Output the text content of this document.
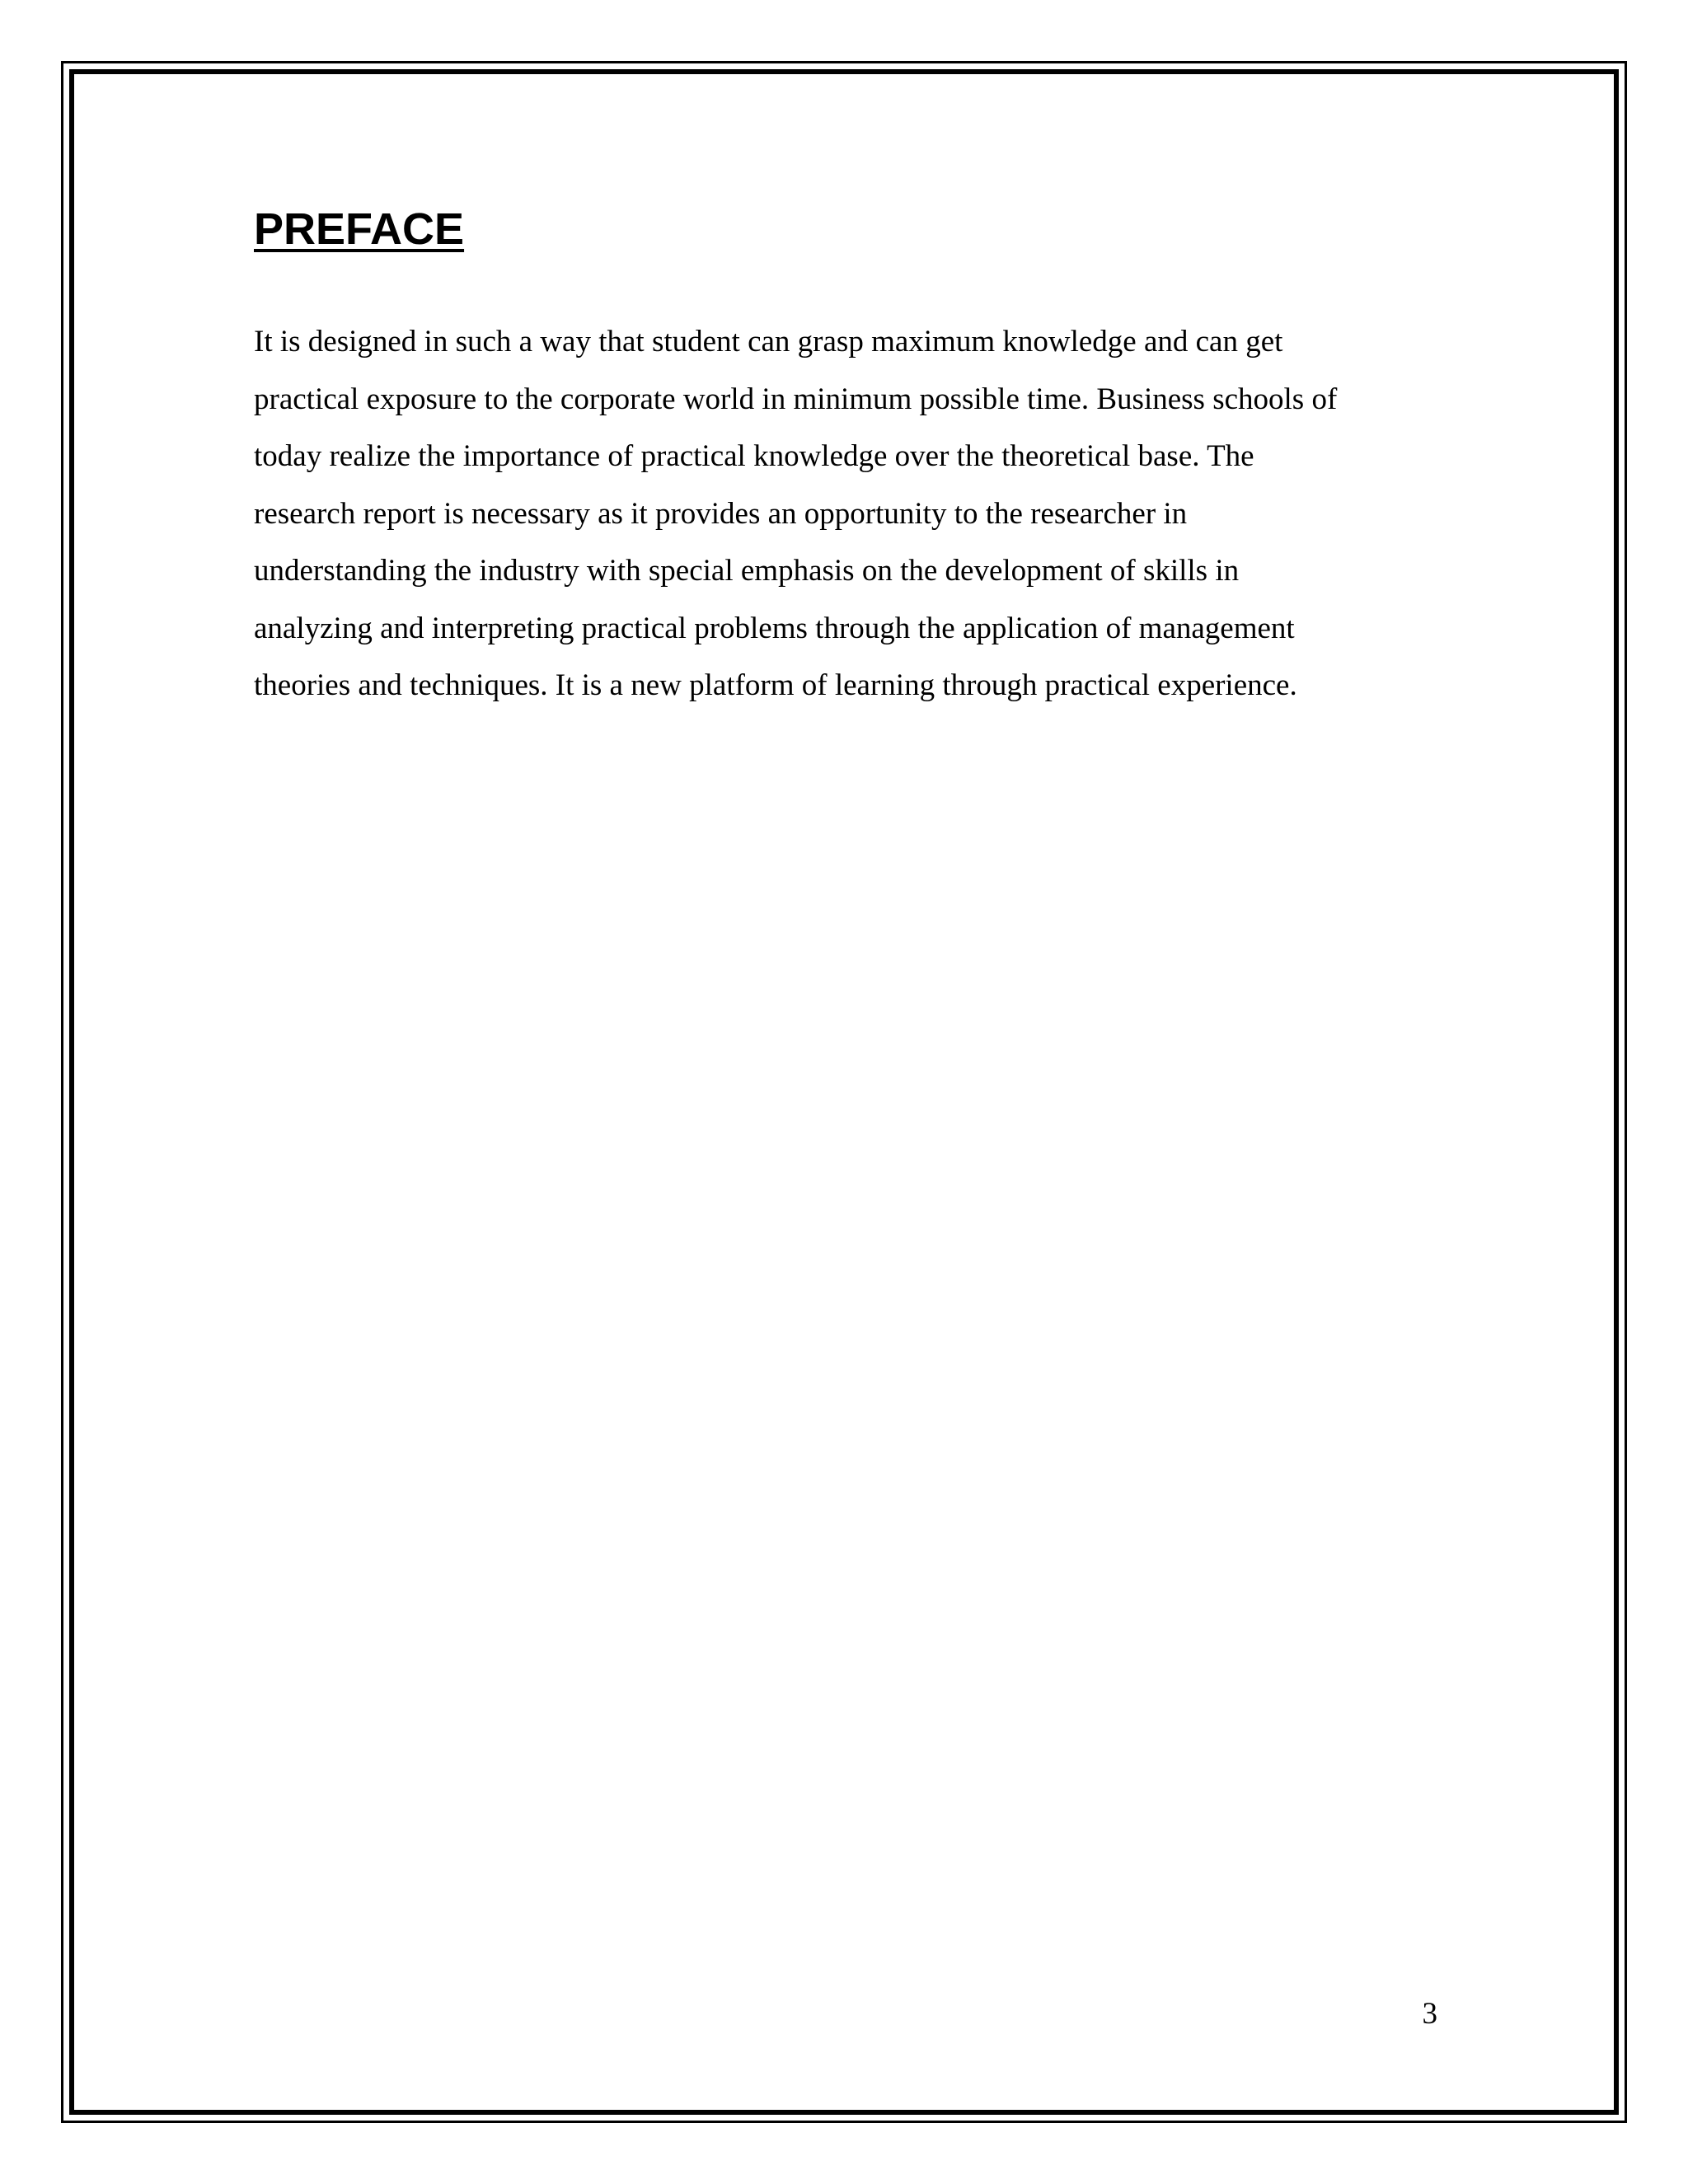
PREFACE

It is designed in such a way that student can grasp maximum knowledge and can get
practical exposure to the corporate world in minimum possible time. Business schools of
today realize the importance of practical knowledge over the theoretical base. The
research report is necessary as it provides an opportunity to the researcher in
understanding the industry with special emphasis on the development of skills in
analyzing and interpreting practical problems through the application of management
theories and techniques. It is a new platform of learning through practical experience.

3
